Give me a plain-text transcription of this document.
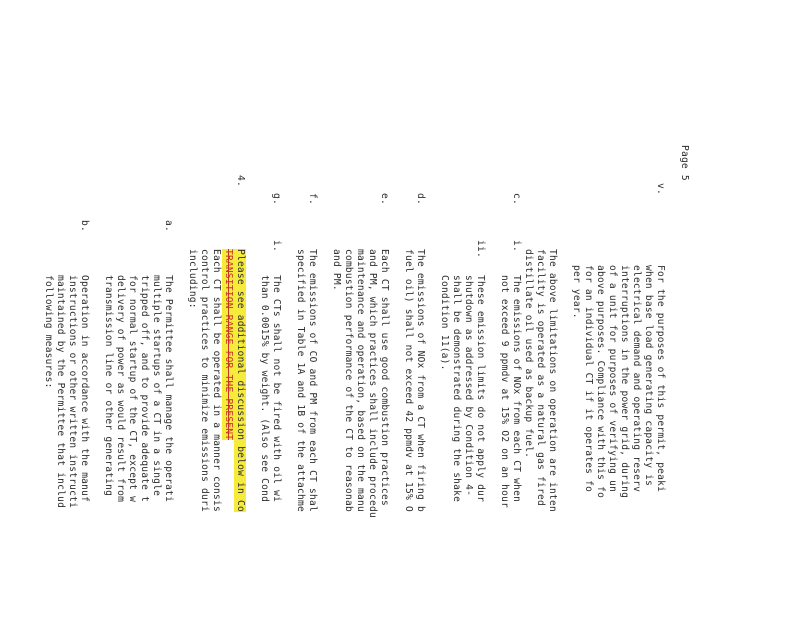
Page 5
v.
For the purposes of this permit, peaki
when base load generating capacity is
electrical demand and operating reserv
interruptions in the power grid, during
of a unit for purposes of verifying un
above purposes. Compliance with this fo
for an individual CT if it operates fo
per year.
The above limitations on operation are inten
facility is operated as a natural gas fired
distillate oil used as backup fuel.
c.
i.
The emissions of NOx from each CT when
not exceed 9 ppmdv at 15% O2 on an hour
ii.
These emission limits do not apply dur
shutdown as addressed by Condition 4-
shall be demonstrated during the shake
Condition 11(a).
d.
The emissions of NOx from a CT when firing b
fuel oil) shall not exceed 42 ppmdv at 15% O
e.
Each CT shall use good combustion practices
and PM, which practices shall include procedu
maintenance and operation, based on the manu
combustion performance of the CT to reasonab
and PM.
f.
The emissions of CO and PM from each CT shal
specified in Table 1A and 1B of the attachme
g.
i.
The CTs shall not be fired with oil wi
than 0.0015% by weight. (Also see Cond
4.
Please see additional discussion below in Co
TRANSITION RANGE FOR THE PRESENT
Each CT shall be operated in a manner consis
control practices to minimize emissions duri
including:
a.
The Permittee shall manage the operati
multiple startups of a CT in a single
tripped off, and to provide adequate t
for normal startup of the CT, except w
delivery of power as would result from
transmission line or other generating
b.
Operation in accordance with the manuf
instructions or other written instructi
maintained by the Permittee that includ
following measures:
